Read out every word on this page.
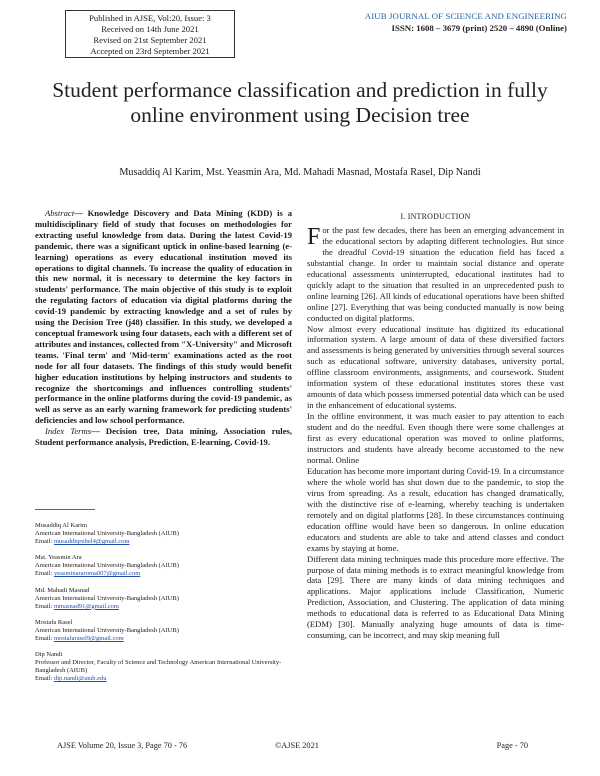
Published in AJSE, Vol:20, Issue: 3
Received on 14th June 2021
Revised on 21st September 2021
Accepted on 23rd September 2021
AIUB JOURNAL OF SCIENCE AND ENGINEERING
ISSN: 1608 – 3679 (print) 2520 – 4890 (Online)
Student performance classification and prediction in fully online environment using Decision tree
Musaddiq Al Karim, Mst. Yeasmin Ara, Md. Mahadi Masnad, Mostafa Rasel, Dip Nandi
Abstract— Knowledge Discovery and Data Mining (KDD) is a multidisciplinary field of study that focuses on methodologies for extracting useful knowledge from data. During the latest Covid-19 pandemic, there was a significant uptick in online-based learning (e-learning) operations as every educational institution moved its operations to digital channels. To increase the quality of education in this new normal, it is necessary to determine the key factors in students' performance. The main objective of this study is to exploit the regulating factors of education via digital platforms during the covid-19 pandemic by extracting knowledge and a set of rules by using the Decision Tree (j48) classifier. In this study, we developed a conceptual framework using four datasets, each with a different set of attributes and instances, collected from "X-University" and Microsoft teams. 'Final term' and 'Mid-term' examinations acted as the root node for all four datasets. The findings of this study would benefit higher education institutions by helping instructors and students to recognize the shortcomings and influences controlling students' performance in the online platforms during the covid-19 pandemic, as well as serve as an early warning framework for predicting students' deficiencies and low school performance.
Index Terms— Decision tree, Data mining, Association rules, Student performance analysis, Prediction, E-learning, Covid-19.
Musaddiq Al Karim
American International University-Bangladesh (AIUB)
Email: musaddiqrubel4@gmail.com
Mst. Yeasmin Ara
American International University-Bangladesh (AIUB)
Email: yeasminararoma007@gmail.com
Md. Mahadi Masnad
American International University-Bangladesh (AIUB)
Email: mmasnad91@gmail.com
Mostafa Rasel
American International University-Bangladesh (AIUB)
Email: mostafarasel9@gmail.com
Dip Nandi
Professor and Director, Faculty of Science and Technology American International University-Bangladesh (AIUB)
Email: dip.nandi@aiub.edu
I. INTRODUCTION

For the past few decades, there has been an emerging advancement in the educational sectors by adapting different technologies. But since the dreadful Covid-19 situation the education field has faced a substantial change. In order to maintain social distance and operate educational assessments uninterrupted, educational institutes had to quickly adapt to the situation that resulted in an unprecedented push to online learning [26]. All kinds of educational operations have been shifted online [27]. Everything that was being conducted manually is now being conducted on digital platforms.

Now almost every educational institute has digitized its educational information system. A large amount of data of these diversified factors and assessments is being generated by universities through several sources such as educational software, university databases, university portal, offline classroom environments, assignments, and coursework. Student information system of these educational institutes stores these vast amounts of data which possess immersed potential data which can be used in the enhancement of educational systems.

In the offline environment, it was much easier to pay attention to each student and do the needful. Even though there were some challenges at first as every educational operation was moved to online platforms, instructors and students have already become accustomed to the new normal. Online

Education has become more important during Covid-19. In a circumstance where the whole world has shut down due to the pandemic, to stop the virus from spreading. As a result, education has changed dramatically, with the distinctive rise of e-learning, whereby teaching is undertaken remotely and on digital platforms [28]. In these circumstances continuing education offline would have been so dangerous. In online education educators and students are able to take and attend classes and conduct exams by staying at home.

Different data mining techniques made this procedure more effective. The purpose of data mining methods is to extract meaningful knowledge from data [29]. There are many kinds of data mining techniques and applications. Major applications include Classification, Numeric Prediction, Association, and Clustering. The application of data mining methods to educational data is referred to as Educational Data Mining (EDM) [30]. Manually analyzing huge amounts of data is time-consuming, can be incorrect, and may skip meaning full

AJSE Volume 20, Issue 3, Page 70 - 76	©AJSE 2021	Page - 70
